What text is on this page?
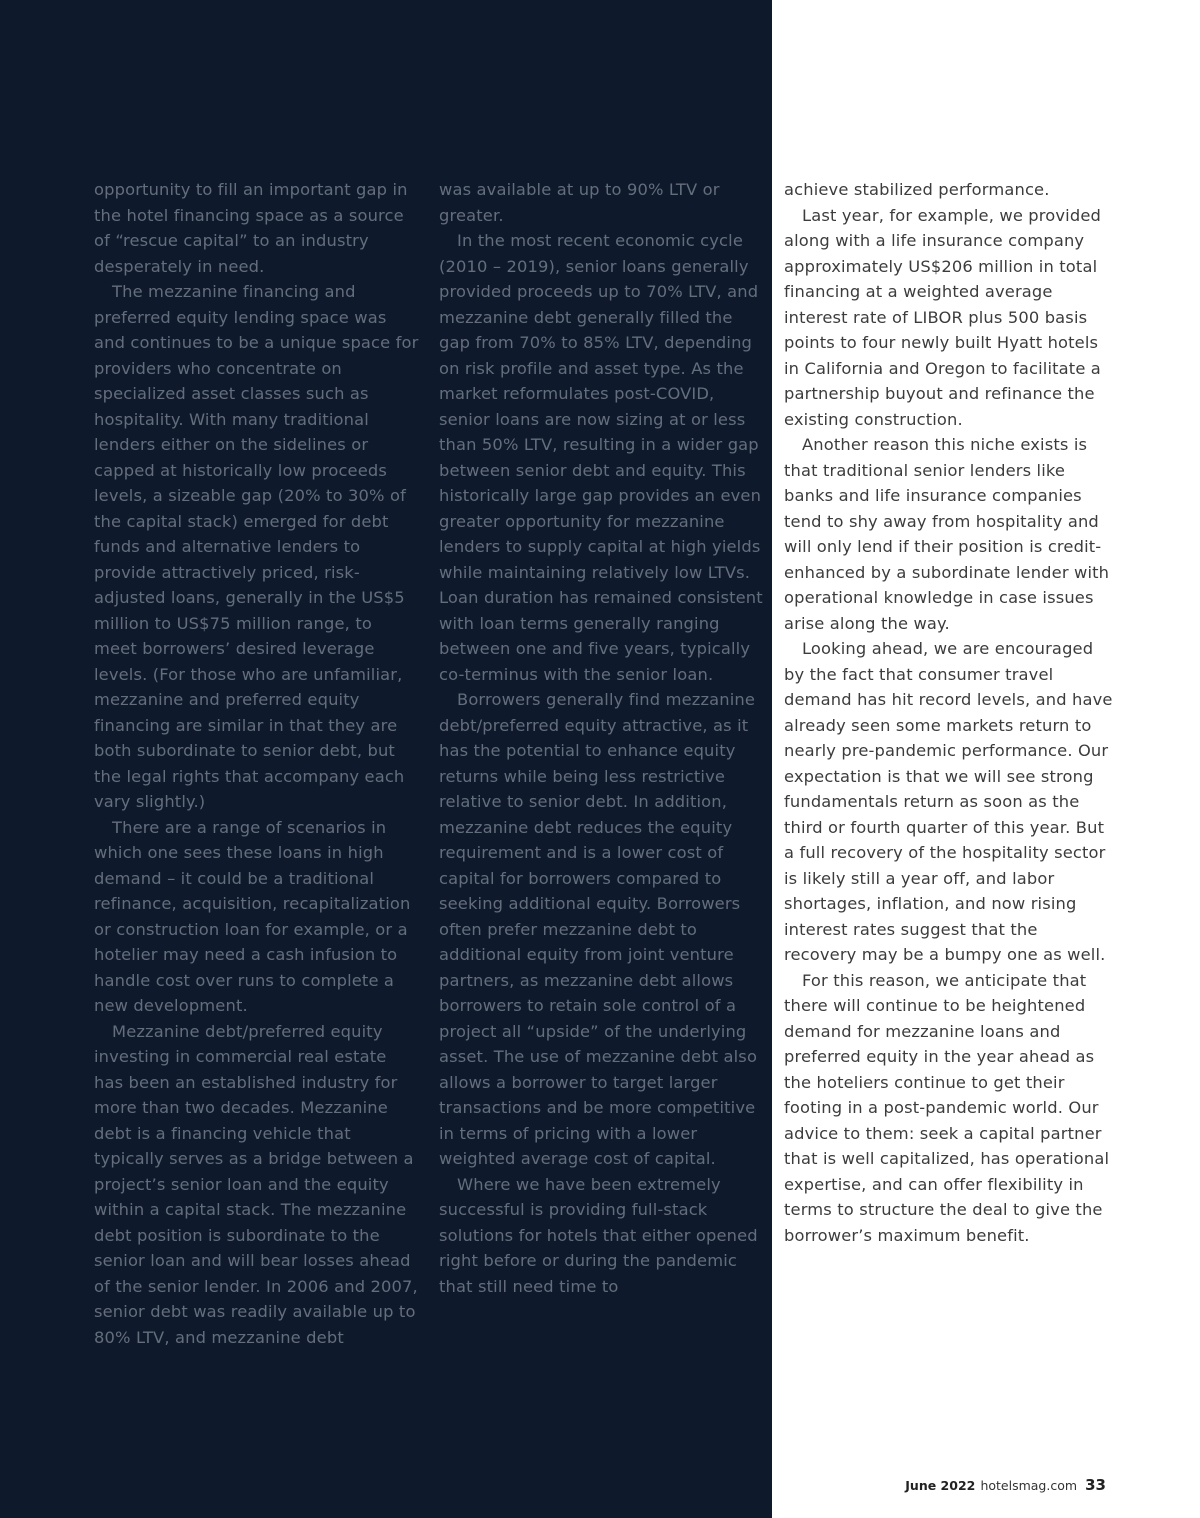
opportunity to fill an important gap in the hotel financing space as a source of “rescue capital” to an industry desperately in need.

The mezzanine financing and preferred equity lending space was and continues to be a unique space for providers who concentrate on specialized asset classes such as hospitality. With many traditional lenders either on the sidelines or capped at historically low proceeds levels, a sizeable gap (20% to 30% of the capital stack) emerged for debt funds and alternative lenders to provide attractively priced, risk-adjusted loans, generally in the US$5 million to US$75 million range, to meet borrowers’ desired leverage levels. (For those who are unfamiliar, mezzanine and preferred equity financing are similar in that they are both subordinate to senior debt, but the legal rights that accompany each vary slightly.)

There are a range of scenarios in which one sees these loans in high demand – it could be a traditional refinance, acquisition, recapitalization or construction loan for example, or a hotelier may need a cash infusion to handle cost over runs to complete a new development.

Mezzanine debt/preferred equity investing in commercial real estate has been an established industry for more than two decades. Mezzanine debt is a financing vehicle that typically serves as a bridge between a project’s senior loan and the equity within a capital stack. The mezzanine debt position is subordinate to the senior loan and will bear losses ahead of the senior lender. In 2006 and 2007, senior debt was readily available up to 80% LTV, and mezzanine debt

was available at up to 90% LTV or greater.

In the most recent economic cycle (2010 – 2019), senior loans generally provided proceeds up to 70% LTV, and mezzanine debt generally filled the gap from 70% to 85% LTV, depending on risk profile and asset type. As the market reformulates post-COVID, senior loans are now sizing at or less than 50% LTV, resulting in a wider gap between senior debt and equity. This historically large gap provides an even greater opportunity for mezzanine lenders to supply capital at high yields while maintaining relatively low LTVs. Loan duration has remained consistent with loan terms generally ranging between one and five years, typically co-terminus with the senior loan.

Borrowers generally find mezzanine debt/preferred equity attractive, as it has the potential to enhance equity returns while being less restrictive relative to senior debt. In addition, mezzanine debt reduces the equity requirement and is a lower cost of capital for borrowers compared to seeking additional equity. Borrowers often prefer mezzanine debt to additional equity from joint venture partners, as mezzanine debt allows borrowers to retain sole control of a project all “upside” of the underlying asset. The use of mezzanine debt also allows a borrower to target larger transactions and be more competitive in terms of pricing with a lower weighted average cost of capital.

Where we have been extremely successful is providing full-stack solutions for hotels that either opened right before or during the pandemic that still need time to

achieve stabilized performance.

Last year, for example, we provided along with a life insurance company approximately US$206 million in total financing at a weighted average interest rate of LIBOR plus 500 basis points to four newly built Hyatt hotels in California and Oregon to facilitate a partnership buyout and refinance the existing construction.

Another reason this niche exists is that traditional senior lenders like banks and life insurance companies tend to shy away from hospitality and will only lend if their position is credit-enhanced by a subordinate lender with operational knowledge in case issues arise along the way.

Looking ahead, we are encouraged by the fact that consumer travel demand has hit record levels, and have already seen some markets return to nearly pre-pandemic performance. Our expectation is that we will see strong fundamentals return as soon as the third or fourth quarter of this year. But a full recovery of the hospitality sector is likely still a year off, and labor shortages, inflation, and now rising interest rates suggest that the recovery may be a bumpy one as well.

For this reason, we anticipate that there will continue to be heightened demand for mezzanine loans and preferred equity in the year ahead as the hoteliers continue to get their footing in a post-pandemic world. Our advice to them: seek a capital partner that is well capitalized, has operational expertise, and can offer flexibility in terms to structure the deal to give the borrower’s maximum benefit.

June 2022 hotelsmag.com 33
